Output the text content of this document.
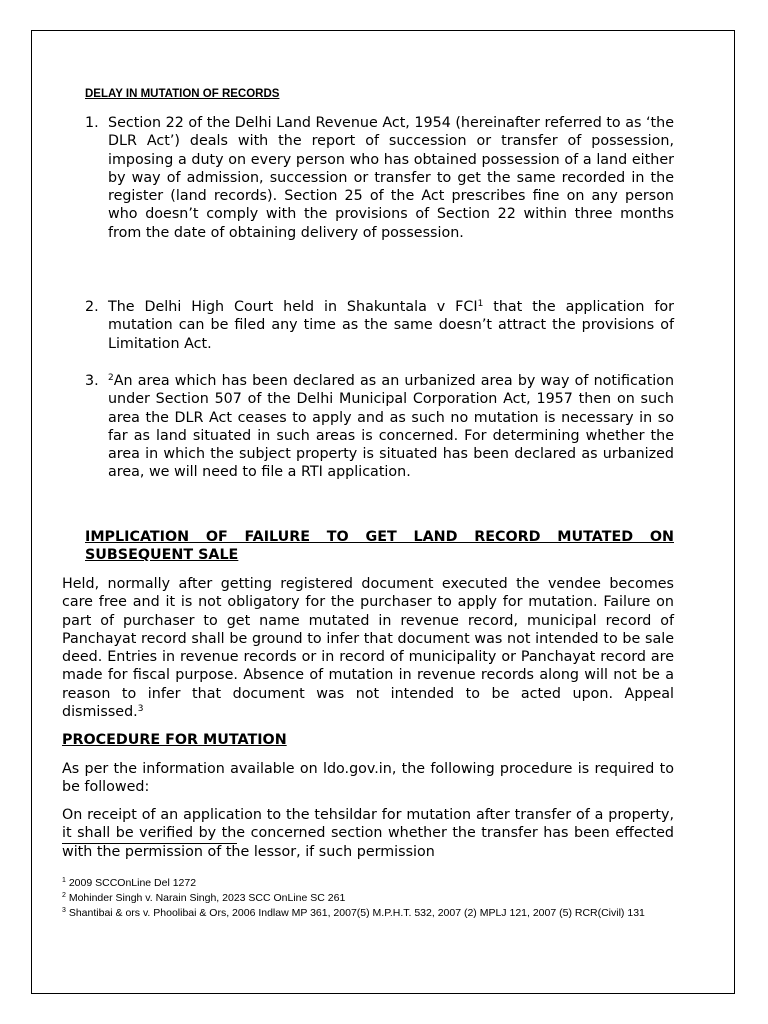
DELAY IN MUTATION OF RECORDS

1. Section 22 of the Delhi Land Revenue Act, 1954 (hereinafter referred to as ‘the DLR Act’) deals with the report of succession or transfer of possession, imposing a duty on every person who has obtained possession of a land either by way of admission, succession or transfer to get the same recorded in the register (land records). Section 25 of the Act prescribes fine on any person who doesn’t comply with the provisions of Section 22 within three months from the date of obtaining delivery of possession.
2. The Delhi High Court held in Shakuntala v FCI$^1$ that the application for mutation can be filed any time as the same doesn’t attract the provisions of Limitation Act.
3. $^2$An area which has been declared as an urbanized area by way of notification under Section 507 of the Delhi Municipal Corporation Act, 1957 then on such area the DLR Act ceases to apply and as such no mutation is necessary in so far as land situated in such areas is concerned. For determining whether the area in which the subject property is situated has been declared as urbanized area, we will need to file a RTI application.

IMPLICATION OF FAILURE TO GET LAND RECORD MUTATED ON SUBSEQUENT SALE

Held, normally after getting registered document executed the vendee becomes care free and it is not obligatory for the purchaser to apply for mutation. Failure on part of purchaser to get name mutated in revenue record, municipal record of Panchayat record shall be ground to infer that document was not intended to be sale deed. Entries in revenue records or in record of municipality or Panchayat record are made for fiscal purpose. Absence of mutation in revenue records along will not be a reason to infer that document was not intended to be acted upon. Appeal dismissed.$^3$

PROCEDURE FOR MUTATION

As per the information available on ldo.gov.in, the following procedure is required to be followed:

On receipt of an application to the tehsildar for mutation after transfer of a property, it shall be verified by the concerned section whether the transfer has been effected with the permission of the lessor, if such permission

$^1$ 2009 SCCOnLine Del 1272

$^2$ Mohinder Singh v. Narain Singh, 2023 SCC OnLine SC 261

$^3$ Shantibai & ors v. Phoolibai & Ors, 2006 Indlaw MP 361, 2007(5) M.P.H.T. 532, 2007 (2) MPLJ 121, 2007 (5) RCR(Civil) 131
